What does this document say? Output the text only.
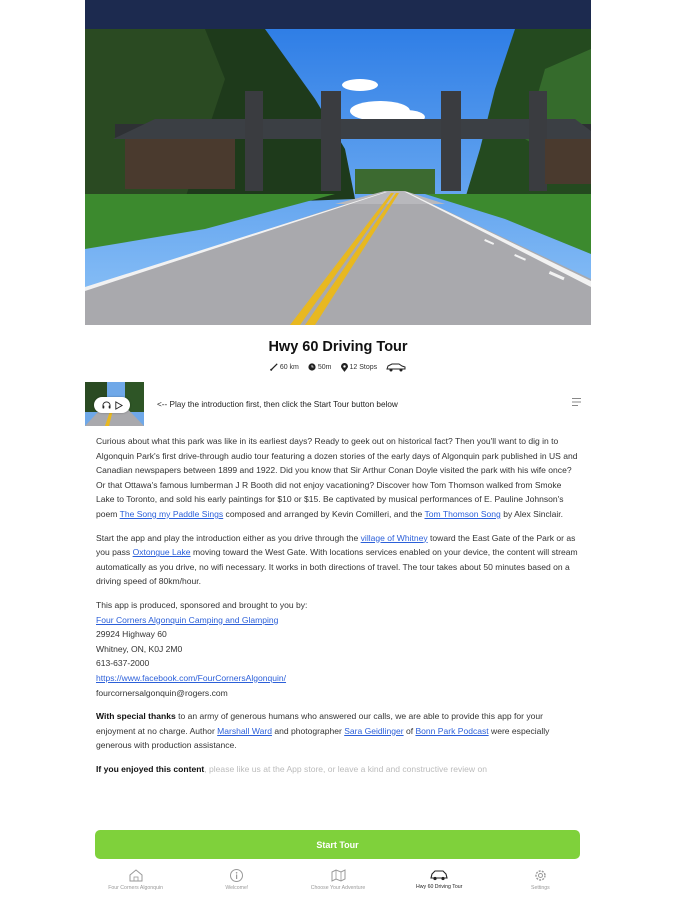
Hwy 60 Driving Tour
60 km	50m	12 Stops
<-- Play the introduction first, then click the Start Tour button below

Curious about what this park was like in its earliest days? Ready to geek out on historical fact? Then you'll want to dig in to Algonquin Park's first drive-through audio tour featuring a dozen stories of the early days of Algonquin park published in US and Canadian newspapers between 1899 and 1922. Did you know that Sir Arthur Conan Doyle visited the park with his wife once? Or that Ottawa's famous lumberman J R Booth did not enjoy vacationing? Discover how Tom Thomson walked from Smoke Lake to Toronto, and sold his early paintings for $10 or $15. Be captivated by musical performances of E. Pauline Johnson's poem The Song my Paddle Sings composed and arranged by Kevin Comilleri, and the Tom Thomson Song by Alex Sinclair.

Start the app and play the introduction either as you drive through the village of Whitney toward the East Gate of the Park or as you pass Oxtongue Lake moving toward the West Gate. With locations services enabled on your device, the content will stream automatically as you drive, no wifi necessary. It works in both directions of travel. The tour takes about 50 minutes based on a driving speed of 80km/hour.

This app is produced, sponsored and brought to you by:
Four Corners Algonquin Camping and Glamping
29924 Highway 60
Whitney, ON, K0J 2M0
613-637-2000
https://www.facebook.com/FourCornersAlgonquin/
fourcornersalgonquin@rogers.com

With special thanks to an army of generous humans who answered our calls, we are able to provide this app for your enjoyment at no charge. Author Marshall Ward and photographer Sara Geidlinger of Bonn Park Podcast were especially generous with production assistance.

If you enjoyed this content, please like us at the App store, or leave a kind and constructive review on

Start Tour
Four Corners Algonquin	Welcome!	Choose Your Adventure	Hwy 60 Driving Tour	Settings
